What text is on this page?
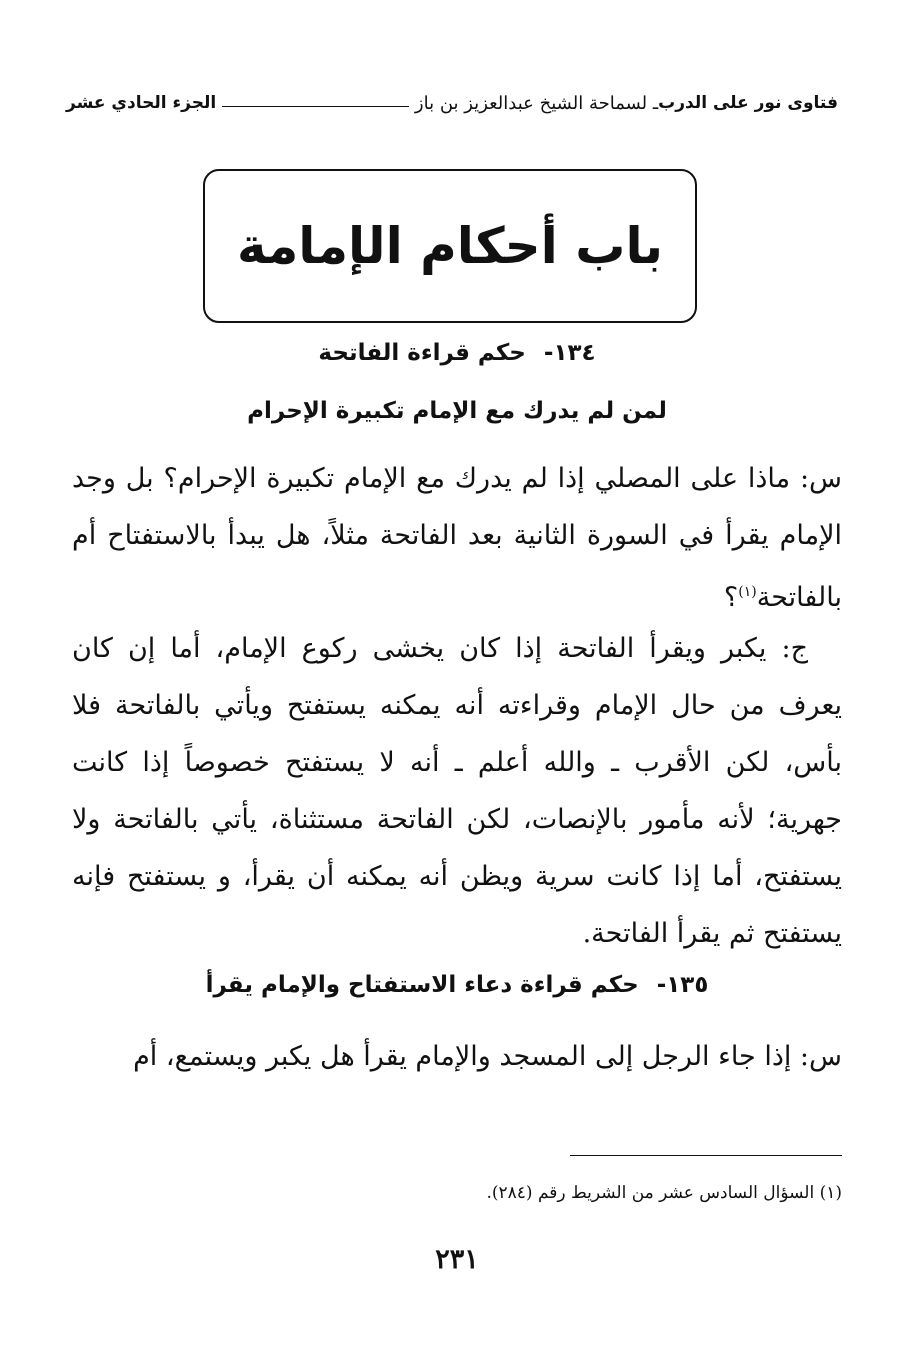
فتاوى نور على الدرب
ـ لسماحة الشيخ عبدالعزيز بن باز
الجزء الحادي عشر
باب أحكام الإمامة
١٣٤-حكم قراءة الفاتحة
لمن لم يدرك مع الإمام تكبيرة الإحرام
س: ماذا على المصلي إذا لم يدرك مع الإمام تكبيرة الإحرام؟ بل وجد الإمام يقرأ في السورة الثانية بعد الفاتحة مثلاً، هل يبدأ بالاستفتاح أم بالفاتحة$^{(١)}$؟
ج: يكبر ويقرأ الفاتحة إذا كان يخشى ركوع الإمام، أما إن كان يعرف من حال الإمام وقراءته أنه يمكنه يستفتح ويأتي بالفاتحة فلا بأس، لكن الأقرب ـ والله أعلم ـ أنه لا يستفتح خصوصاً إذا كانت جهرية؛ لأنه مأمور بالإنصات، لكن الفاتحة مستثناة، يأتي بالفاتحة ولا يستفتح، أما إذا كانت سرية ويظن أنه يمكنه أن يقرأ، و يستفتح فإنه يستفتح ثم يقرأ الفاتحة.
١٣٥-حكم قراءة دعاء الاستفتاح والإمام يقرأ
س: إذا جاء الرجل إلى المسجد والإمام يقرأ هل يكبر ويستمع، أم
(١) السؤال السادس عشر من الشريط رقم (٢٨٤).
٢٣١
